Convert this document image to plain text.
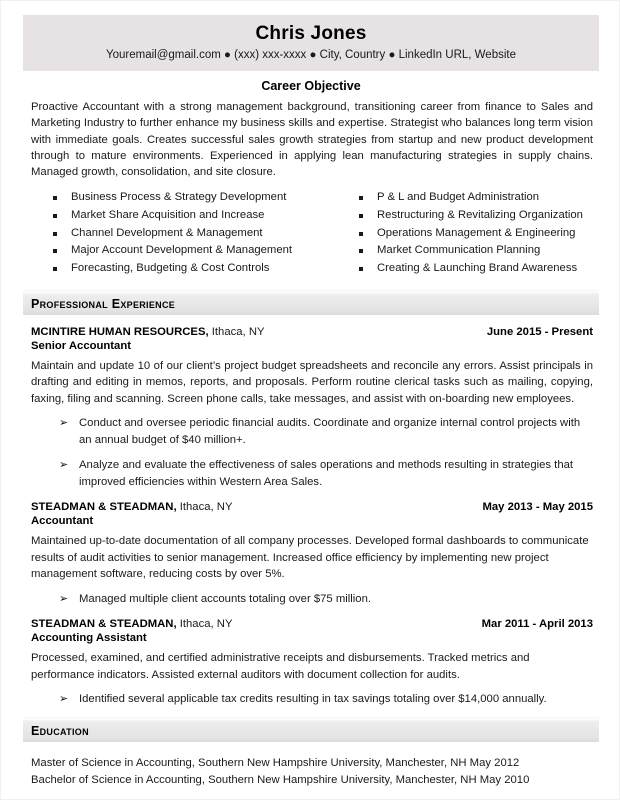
Chris Jones
Youremail@gmail.com ● (xxx) xxx-xxxx ● City, Country ● LinkedIn URL, Website
Career Objective
Proactive Accountant with a strong management background, transitioning career from finance to Sales and Marketing Industry to further enhance my business skills and expertise. Strategist who balances long term vision with immediate goals. Creates successful sales growth strategies from startup and new product development through to mature environments. Experienced in applying lean manufacturing strategies in supply chains. Managed growth, consolidation, and site closure.
Business Process & Strategy Development
Market Share Acquisition and Increase
Channel Development & Management
Major Account Development & Management
Forecasting, Budgeting & Cost Controls
P & L and Budget Administration
Restructuring & Revitalizing Organization
Operations Management & Engineering
Market Communication Planning
Creating & Launching Brand Awareness
Professional Experience
MCINTIRE HUMAN RESOURCES, Ithaca, NY	June 2015 - Present
Senior Accountant
Maintain and update 10 of our client’s project budget spreadsheets and reconcile any errors. Assist principals in drafting and editing in memos, reports, and proposals. Perform routine clerical tasks such as mailing, copying, faxing, filing and scanning. Screen phone calls, take messages, and assist with on-boarding new employees.
➢ Conduct and oversee periodic financial audits. Coordinate and organize internal control projects with an annual budget of $40 million+.
➢ Analyze and evaluate the effectiveness of sales operations and methods resulting in strategies that improved efficiencies within Western Area Sales.
STEADMAN & STEADMAN, Ithaca, NY	May 2013 - May 2015
Accountant
Maintained up-to-date documentation of all company processes. Developed formal dashboards to communicate results of audit activities to senior management. Increased office efficiency by implementing new project management software, reducing costs by over 5%.
➢ Managed multiple client accounts totaling over $75 million.
STEADMAN & STEADMAN, Ithaca, NY	Mar 2011 - April 2013
Accounting Assistant
Processed, examined, and certified administrative receipts and disbursements. Tracked metrics and performance indicators. Assisted external auditors with document collection for audits.
➢ Identified several applicable tax credits resulting in tax savings totaling over $14,000 annually.
Education
Master of Science in Accounting, Southern New Hampshire University, Manchester, NH May 2012
Bachelor of Science in Accounting, Southern New Hampshire University, Manchester, NH May 2010
